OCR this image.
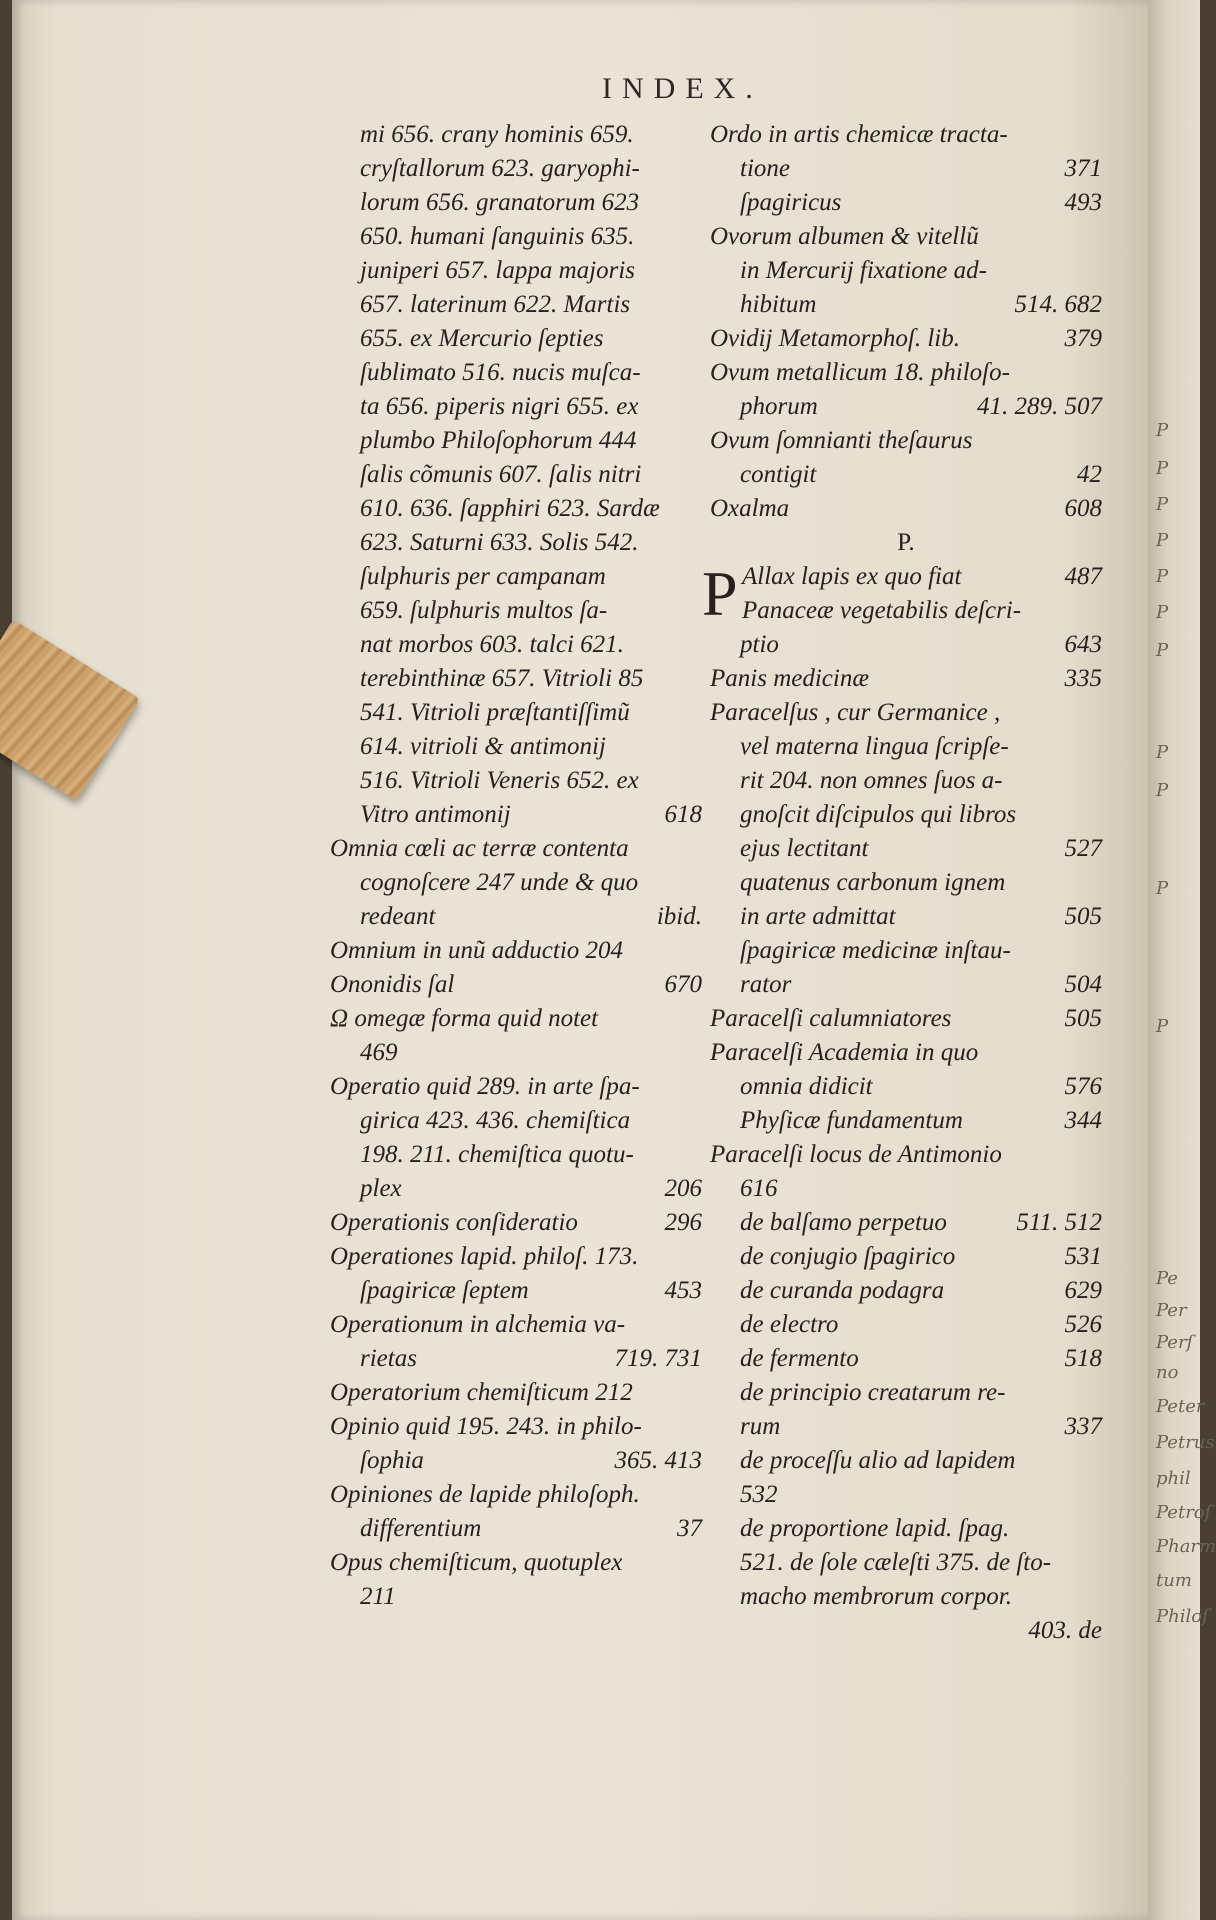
INDEX.
mi 656. crany hominis 659.
cryſtallorum 623. garyophi-
lorum 656. granatorum 623
650. humani ſanguinis 635.
juniperi 657. lappa majoris
657. laterinum 622. Martis
655. ex Mercurio ſepties
ſublimato 516. nucis muſca-
ta 656. piperis nigri 655. ex
plumbo Philoſophorum 444
ſalis cõmunis 607. ſalis nitri
610. 636. ſapphiri 623. Sardæ
623. Saturni 633. Solis 542.
ſulphuris per campanam
659. ſulphuris multos ſa-
nat morbos 603. talci 621.
terebinthinæ 657. Vitrioli 85
541. Vitrioli præſtantiſſimũ
614. vitrioli & antimonij
516. Vitrioli Veneris 652. ex
Vitro antimonij	618
Omnia cœli ac terræ contenta
cognoſcere 247 unde & quo
redeant	ibid.
Omnium in unũ adductio 204
Ononidis ſal	670
Ω omegæ forma quid notet
469
Operatio quid 289. in arte ſpa-
girica 423. 436. chemiſtica
198. 211. chemiſtica quotu-
plex	206
Operationis conſideratio	296
Operationes lapid. philoſ. 173.
ſpagiricæ ſeptem	453
Operationum in alchemia va-
rietas	719. 731
Operatorium chemiſticum 212
Opinio quid 195. 243. in philo-
ſophia	365. 413
Opiniones de lapide philoſoph.
differentium	37
Opus chemiſticum, quotuplex
211
Ordo in artis chemicæ tracta-
tione	371
ſpagiricus	493
Ovorum albumen & vitellũ
in Mercurij fixatione ad-
hibitum	514. 682
Ovidij Metamorphoſ. lib.	379
Ovum metallicum 18. philoſo-
phorum	41. 289. 507
Ovum ſomnianti theſaurus
contigit	42
Oxalma	608
P.
P Allax lapis ex quo fiat	487
Panaceæ vegetabilis deſcri-
ptio	643
Panis medicinæ	335
Paracelſus , cur Germanice ,
vel materna lingua ſcripſe-
rit 204. non omnes ſuos a-
gnoſcit diſcipulos qui libros
ejus lectitant	527
quatenus carbonum ignem
in arte admittat	505
ſpagiricæ medicinæ inſtau-
rator	504
Paracelſi calumniatores	505
Paracelſi Academia in quo
omnia didicit	576
Phyſicæ fundamentum	344
Paracelſi locus de Antimonio
616
de balſamo perpetuo	511. 512
de conjugio ſpagirico	531
de curanda podagra	629
de electro	526
de fermento	518
de principio creatarum re-
rum	337
de proceſſu alio ad lapidem
532
de proportione lapid. ſpag.
521. de ſole cæleſti 375. de ſto-
macho membrorum corpor.
403. de
P
P
P
P
P
P
P
P
P
P
P
Pe
Per
Perſ
no
Peter
Petrus
phil
Petroſ
Pharm
tum
Philoſ
